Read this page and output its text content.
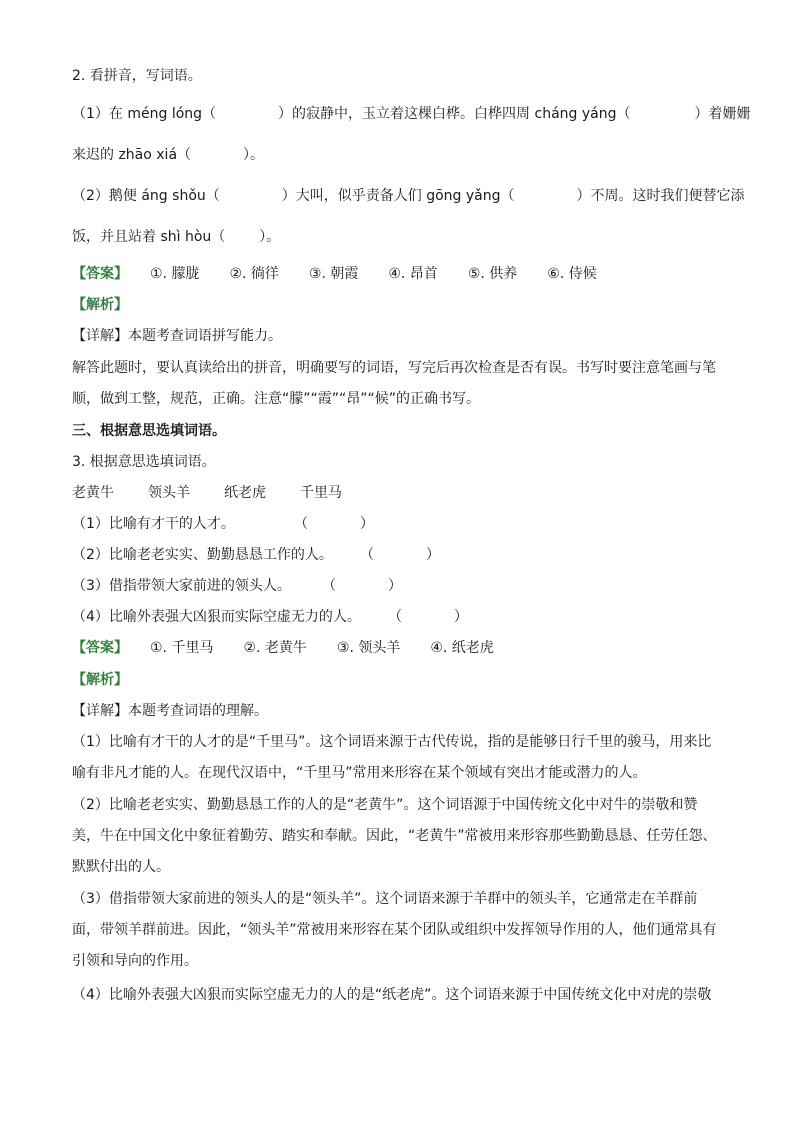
2. 看拼音，写词语。
（1）在 méng lóng（	）的寂静中，玉立着这棵白桦。白桦四周 cháng yáng（	）着姗姗
来迟的 zhāo xiá（	）。
（2）鹅便 áng shǒu（	）大叫，似乎责备人们 gōng yǎng（	）不周。这时我们便替它添
饭，并且站着 shì hòu（ ）。
【答案】 ①. 朦胧 ②. 徜徉 ③. 朝霞 ④. 昂首 ⑤. 供养 ⑥. 侍候
【解析】
【详解】本题考查词语拼写能力。
解答此题时，要认真读给出的拼音，明确要写的词语，写完后再次检查是否有误。书写时要注意笔画与笔
顺，做到工整，规范，正确。注意“朦”“霞”“昂”“候”的正确书写。
三、根据意思选填词语。
3. 根据意思选填词语。
老黄牛 领头羊 纸老虎 千里马
（1）比喻有才干的人才。	（	）
（2）比喻老老实实、勤勤恳恳工作的人。 （	）
（3）借指带领大家前进的领头人。 （	）
（4）比喻外表强大凶狠而实际空虚无力的人。 （	）
【答案】 ①. 千里马 ②. 老黄牛 ③. 领头羊 ④. 纸老虎
【解析】
【详解】本题考查词语的理解。
（1）比喻有才干的人才的是“千里马”。这个词语来源于古代传说，指的是能够日行千里的骏马，用来比喻有非凡才能的人。在现代汉语中，“千里马”常用来形容在某个领域有突出才能或潜力的人。
（2）比喻老老实实、勤勤恳恳工作的人的是“老黄牛”。这个词语源于中国传统文化中对牛的崇敬和赞美，牛在中国文化中象征着勤劳、踏实和奉献。因此，“老黄牛”常被用来形容那些勤勤恳恳、任劳任怨、默默付出的人。
（3）借指带领大家前进的领头人的是“领头羊”。这个词语来源于羊群中的领头羊，它通常走在羊群前面，带领羊群前进。因此，“领头羊”常被用来形容在某个团队或组织中发挥领导作用的人，他们通常具有引领和导向的作用。
（4）比喻外表强大凶狠而实际空虚无力的人的是“纸老虎”。这个词语来源于中国传统文化中对虎的崇敬
